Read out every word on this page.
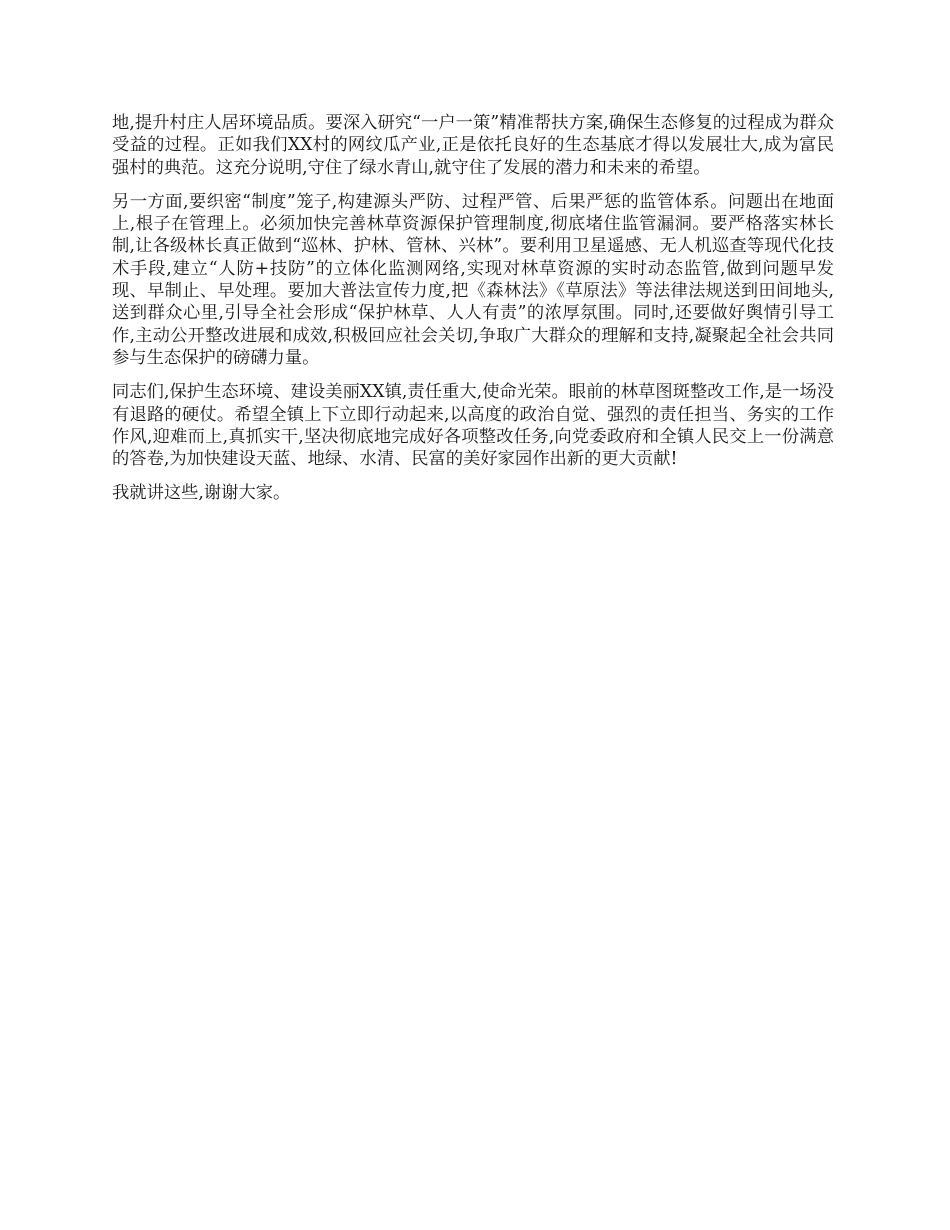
地,提升村庄人居环境品质。要深入研究“一户一策”精准帮扶方案,确保生态修复的过程成为群众受益的过程。正如我们XX村的网纹瓜产业,正是依托良好的生态基底才得以发展壮大,成为富民强村的典范。这充分说明,守住了绿水青山,就守住了发展的潜力和未来的希望。

另一方面,要织密“制度”笼子,构建源头严防、过程严管、后果严惩的监管体系。问题出在地面上,根子在管理上。必须加快完善林草资源保护管理制度,彻底堵住监管漏洞。要严格落实林长制,让各级林长真正做到“巡林、护林、管林、兴林”。要利用卫星遥感、无人机巡查等现代化技术手段,建立“人防+技防”的立体化监测网络,实现对林草资源的实时动态监管,做到问题早发现、早制止、早处理。要加大普法宣传力度,把《森林法》《草原法》等法律法规送到田间地头,送到群众心里,引导全社会形成“保护林草、人人有责”的浓厚氛围。同时,还要做好舆情引导工作,主动公开整改进展和成效,积极回应社会关切,争取广大群众的理解和支持,凝聚起全社会共同参与生态保护的磅礴力量。

同志们,保护生态环境、建设美丽XX镇,责任重大,使命光荣。眼前的林草图斑整改工作,是一场没有退路的硬仗。希望全镇上下立即行动起来,以高度的政治自觉、强烈的责任担当、务实的工作作风,迎难而上,真抓实干,坚决彻底地完成好各项整改任务,向党委政府和全镇人民交上一份满意的答卷,为加快建设天蓝、地绿、水清、民富的美好家园作出新的更大贡献!

我就讲这些,谢谢大家。
